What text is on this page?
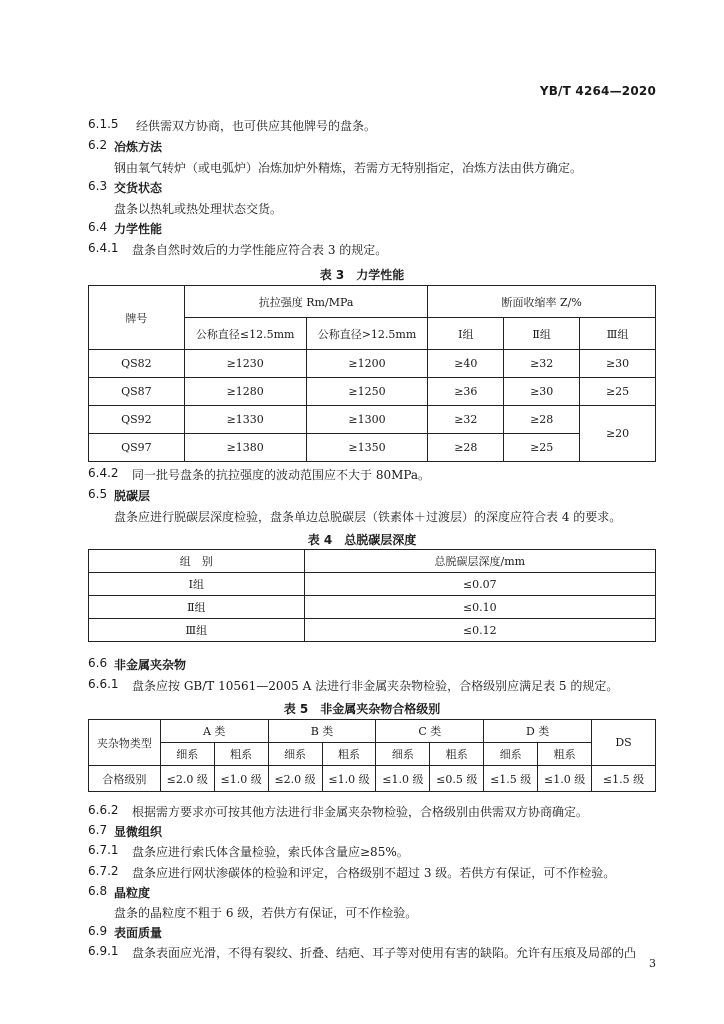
YB/T 4264—2020
6.1.5 经供需双方协商，也可供应其他牌号的盘条。
6.2 冶炼方法
钢由氧气转炉（或电弧炉）冶炼加炉外精炼，若需方无特别指定，冶炼方法由供方确定。
6.3 交货状态
盘条以热轧或热处理状态交货。
6.4 力学性能
6.4.1 盘条自然时效后的力学性能应符合表 3 的规定。
表 3　力学性能
牌号	抗拉强度 Rm/MPa		断面收缩率 Z/%		
	公称直径≤12.5mm	公称直径>12.5mm	Ⅰ组	Ⅱ组	Ⅲ组
QS82	≥1230	≥1200	≥40	≥32	≥30
QS87	≥1280	≥1250	≥36	≥30	≥25
QS92	≥1330	≥1300	≥32	≥28	≥20
QS97	≥1380	≥1350	≥28	≥25	
6.4.2 同一批号盘条的抗拉强度的波动范围应不大于 80MPa。
6.5 脱碳层
盘条应进行脱碳层深度检验，盘条单边总脱碳层（铁素体＋过渡层）的深度应符合表 4 的要求。
表 4　总脱碳层深度
组　别	总脱碳层深度/mm
Ⅰ组	≤0.07
Ⅱ组	≤0.10
Ⅲ组	≤0.12
6.6 非金属夹杂物
6.6.1 盘条应按 GB/T 10561—2005 A 法进行非金属夹杂物检验，合格级别应满足表 5 的规定。
表 5　非金属夹杂物合格级别
夹杂物类型	A 类		B 类		C 类		D 类		DS
	细系	粗系	细系	粗系	细系	粗系	细系	粗系	
合格级别	≤2.0 级	≤1.0 级	≤2.0 级	≤1.0 级	≤1.0 级	≤0.5 级	≤1.5 级	≤1.0 级	≤1.5 级
6.6.2 根据需方要求亦可按其他方法进行非金属夹杂物检验，合格级别由供需双方协商确定。
6.7 显微组织
6.7.1 盘条应进行索氏体含量检验，索氏体含量应≥85%。
6.7.2 盘条应进行网状渗碳体的检验和评定，合格级别不超过 3 级。若供方有保证，可不作检验。
6.8 晶粒度
盘条的晶粒度不粗于 6 级，若供方有保证，可不作检验。
6.9 表面质量
6.9.1 盘条表面应光滑，不得有裂纹、折叠、结疤、耳子等对使用有害的缺陷。允许有压痕及局部的凸
3
